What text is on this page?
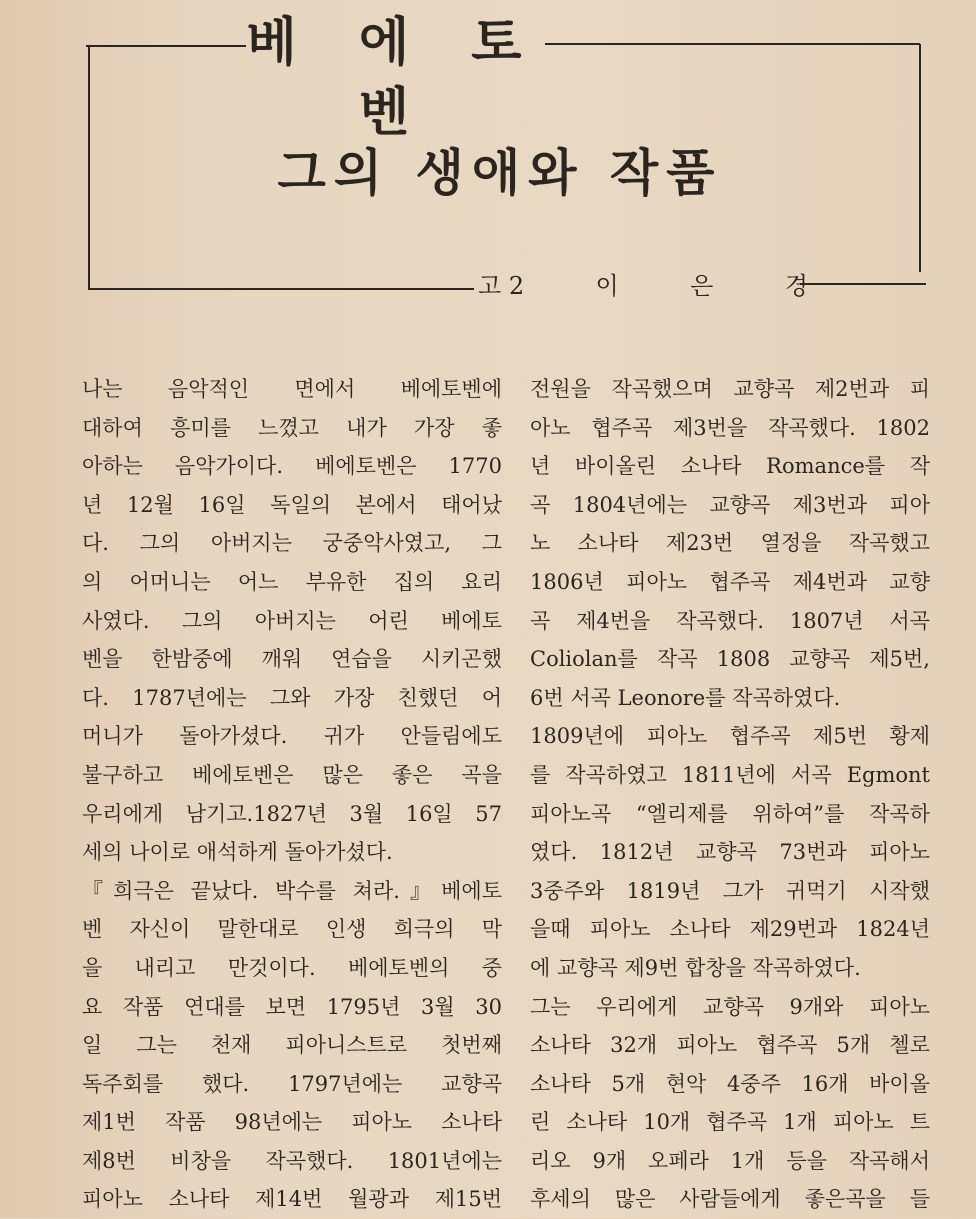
베 에 토 벤
그의 생애와 작품
고 2	이	은	경
나는 음악적인 면에서 베에토벤에
대하여 흥미를 느꼈고 내가 가장 좋
아하는 음악가이다. 베에토벤은 1770
년 12월 16일 독일의 본에서 태어났
다. 그의 아버지는 궁중악사였고, 그
의 어머니는 어느 부유한 집의 요리
사였다. 그의 아버지는 어린 베에토
벤을 한밤중에 깨워 연습을 시키곤했
다. 1787년에는 그와 가장 친했던 어
머니가 돌아가셨다. 귀가 안들림에도
불구하고 베에토벤은 많은 좋은 곡을
우리에게 남기고.1827년 3월 16일 57
세의 나이로 애석하게 돌아가셨다.
『희극은 끝났다. 박수를 쳐라.』베에토
벤 자신이 말한대로 인생 희극의 막
을 내리고 만것이다. 베에토벤의 중
요 작품 연대를 보면 1795년 3월 30
일 그는 천재 피아니스트로 첫번째
독주회를 했다. 1797년에는 교향곡
제1번 작품 98년에는 피아노 소나타
제8번 비창을 작곡했다. 1801년에는
피아노 소나타 제14번 월광과 제15번
전원을 작곡했으며 교향곡 제2번과 피
아노 협주곡 제3번을 작곡했다. 1802
년 바이올린 소나타 Romance를 작
곡 1804년에는 교향곡 제3번과 피아
노 소나타 제23번 열정을 작곡했고
1806년 피아노 협주곡 제4번과 교향
곡 제4번을 작곡했다. 1807년 서곡
Coliolan를 작곡 1808 교향곡 제5번,
6번 서곡 Leonore를 작곡하였다.
1809년에 피아노 협주곡 제5번 황제
를 작곡하였고 1811년에 서곡 Egmont
피아노곡 “엘리제를 위하여”를 작곡하
였다. 1812년 교향곡 73번과 피아노
3중주와 1819년 그가 귀먹기 시작했
을때 피아노 소나타 제29번과 1824년
에 교향곡 제9번 합창을 작곡하였다.
그는 우리에게 교향곡 9개와 피아노
소나타 32개 피아노 협주곡 5개 첼로
소나타 5개 현악 4중주 16개 바이올
린 소나타 10개 협주곡 1개 피아노 트
리오 9개 오페라 1개 등을 작곡해서
후세의 많은 사람들에게 좋은곡을 들
